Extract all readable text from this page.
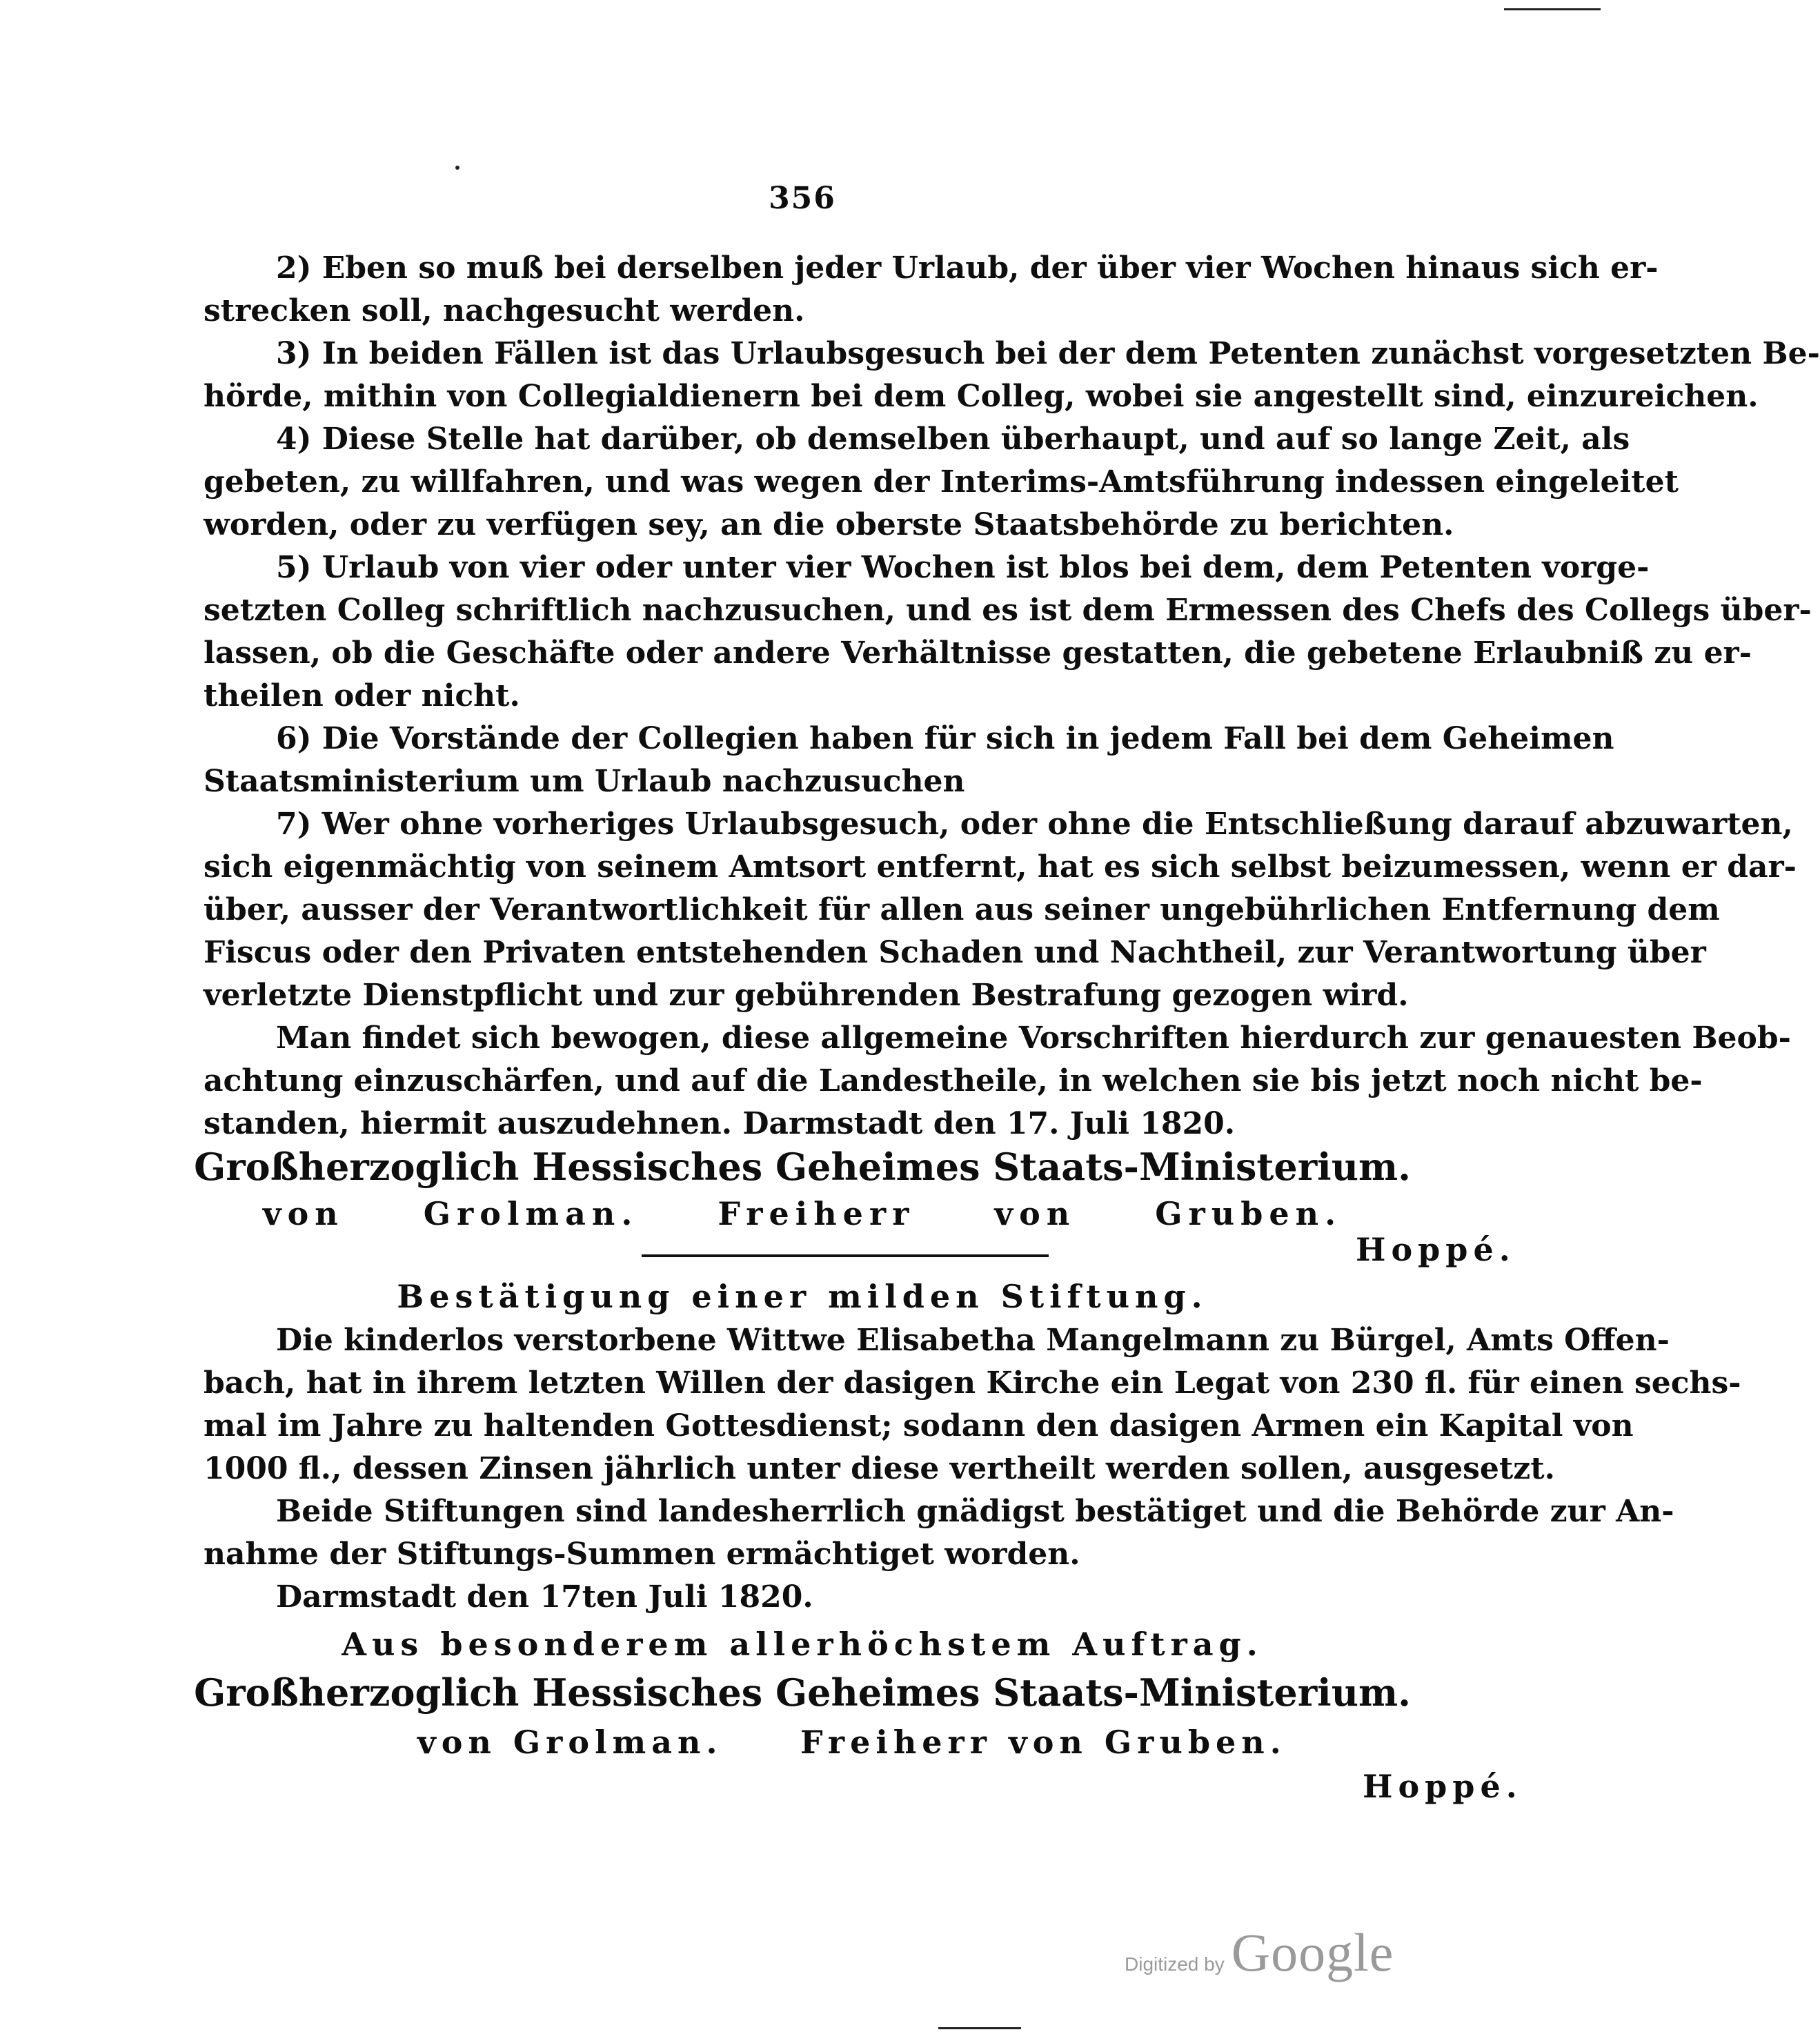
356
2) Eben so muß bei derselben jeder Urlaub, der über vier Wochen hinaus sich er-
strecken soll, nachgesucht werden.
3) In beiden Fällen ist das Urlaubsgesuch bei der dem Petenten zunächst vorgesetzten Be-
hörde, mithin von Collegialdienern bei dem Colleg, wobei sie angestellt sind, einzureichen.
4) Diese Stelle hat darüber, ob demselben überhaupt, und auf so lange Zeit, als
gebeten, zu willfahren, und was wegen der Interims-Amtsführung indessen eingeleitet
worden, oder zu verfügen sey, an die oberste Staatsbehörde zu berichten.
5) Urlaub von vier oder unter vier Wochen ist blos bei dem, dem Petenten vorge-
setzten Colleg schriftlich nachzusuchen, und es ist dem Ermessen des Chefs des Collegs über-
lassen, ob die Geschäfte oder andere Verhältnisse gestatten, die gebetene Erlaubniß zu er-
theilen oder nicht.
6) Die Vorstände der Collegien haben für sich in jedem Fall bei dem Geheimen
Staatsministerium um Urlaub nachzusuchen
7) Wer ohne vorheriges Urlaubsgesuch, oder ohne die Entschließung darauf abzuwarten,
sich eigenmächtig von seinem Amtsort entfernt, hat es sich selbst beizumessen, wenn er dar-
über, ausser der Verantwortlichkeit für allen aus seiner ungebührlichen Entfernung dem
Fiscus oder den Privaten entstehenden Schaden und Nachtheil, zur Verantwortung über
verletzte Dienstpflicht und zur gebührenden Bestrafung gezogen wird.
Man findet sich bewogen, diese allgemeine Vorschriften hierdurch zur genauesten Beob-
achtung einzuschärfen, und auf die Landestheile, in welchen sie bis jetzt noch nicht be-
standen, hiermit auszudehnen. Darmstadt den 17. Juli 1820.
Großherzoglich Hessisches Geheimes Staats-Ministerium.
von Grolman. Freiherr von Gruben.
Hoppé.
Bestätigung einer milden Stiftung.
Die kinderlos verstorbene Wittwe Elisabetha Mangelmann zu Bürgel, Amts Offen-
bach, hat in ihrem letzten Willen der dasigen Kirche ein Legat von 230 fl. für einen sechs-
mal im Jahre zu haltenden Gottesdienst; sodann den dasigen Armen ein Kapital von
1000 fl., dessen Zinsen jährlich unter diese vertheilt werden sollen, ausgesetzt.
Beide Stiftungen sind landesherrlich gnädigst bestätiget und die Behörde zur An-
nahme der Stiftungs-Summen ermächtiget worden.
Darmstadt den 17ten Juli 1820.
Aus besonderem allerhöchstem Auftrag.
Großherzoglich Hessisches Geheimes Staats-Ministerium.
von Grolman. Freiherr von Gruben.
Hoppé.
Digitized by Google
